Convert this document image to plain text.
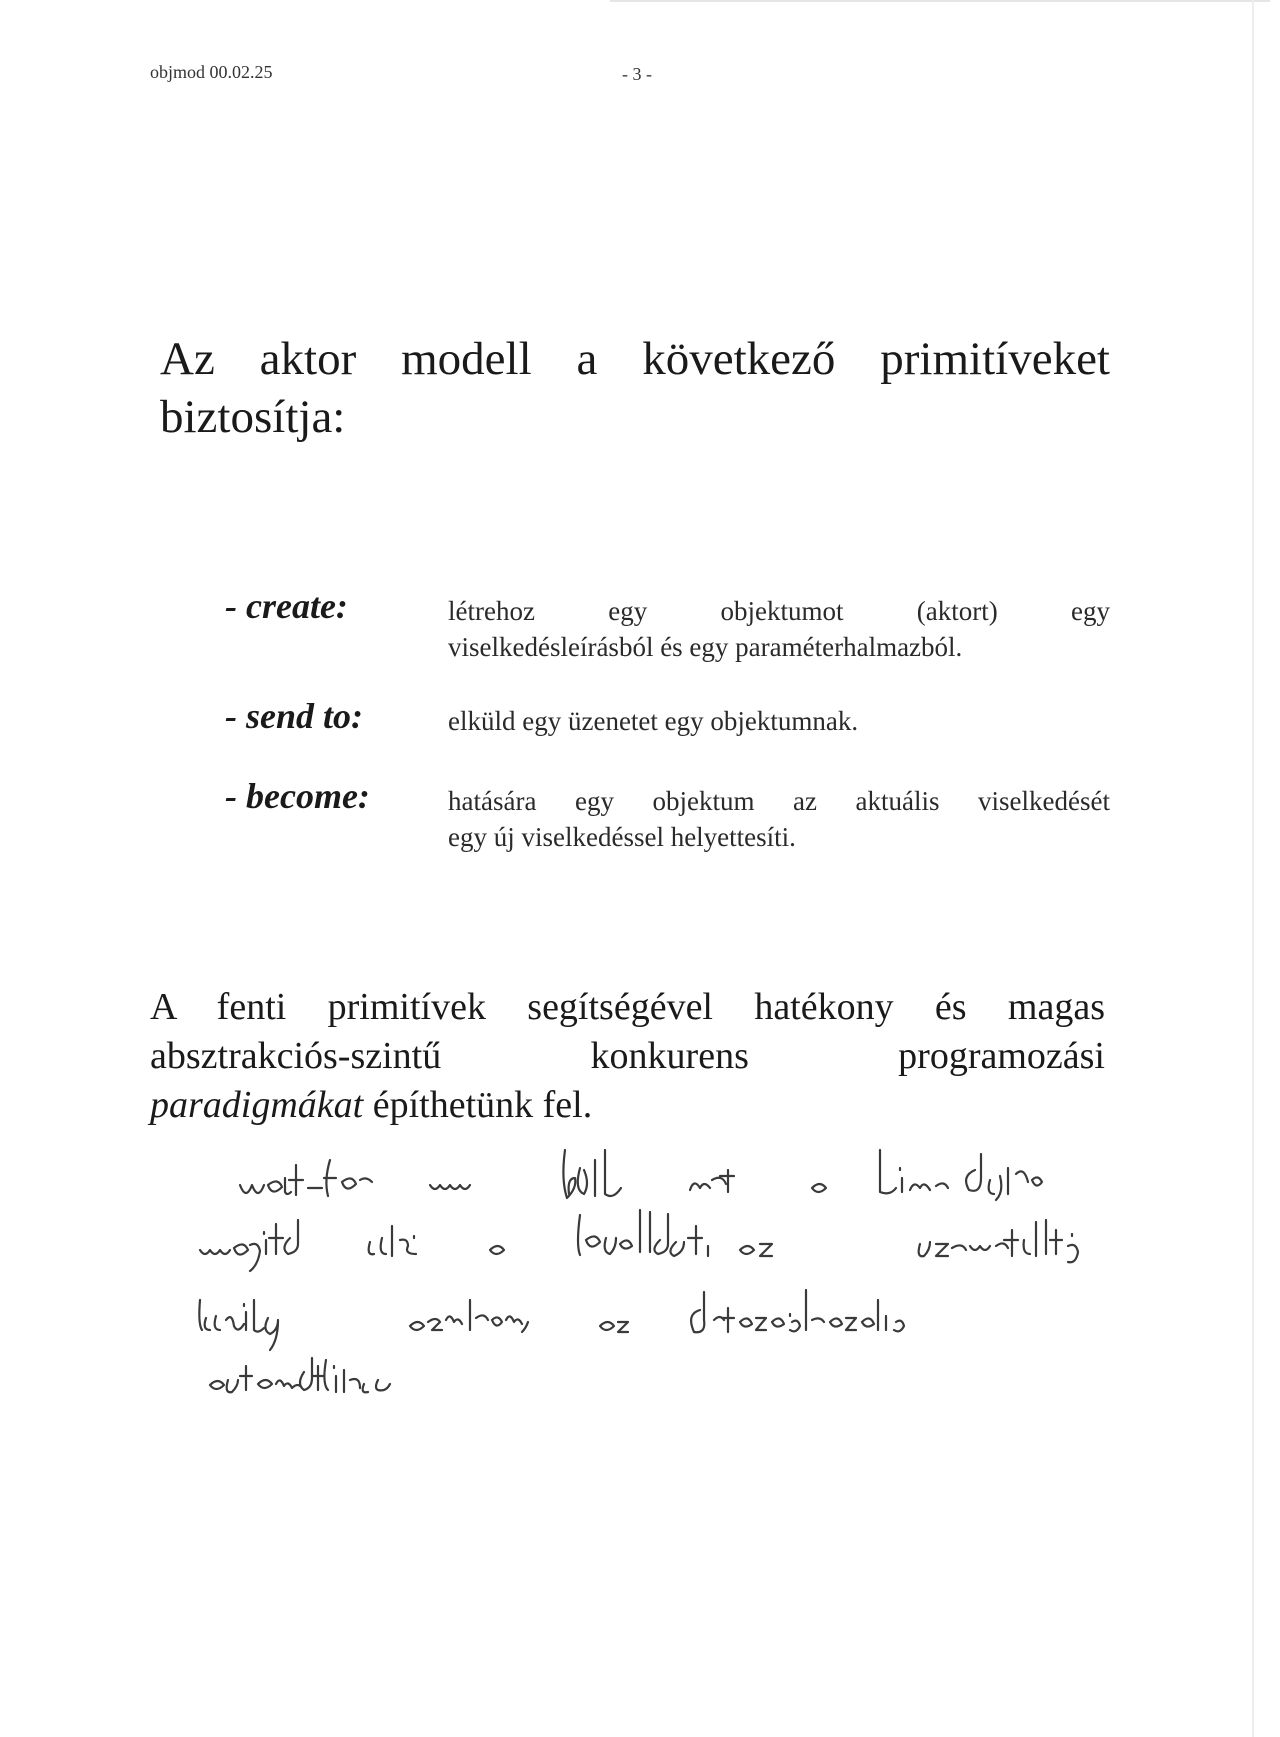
objmod 00.02.25	- 3 -
Az aktor modell a következő primitíveket
biztosítja:
- create:	létrehoz egy objektumot (aktort) egy
viselkedésleírásból és egy paraméterhalmazból.
- send to:	elküld egy üzenetet egy objektumnak.
- become:	hatására egy objektum az aktuális viselkedését
egy új viselkedéssel helyettesíti.
A fenti primitívek segítségével hatékony és magas
absztrakciós-szintű konkurens programozási
paradigmákat építhetünk fel.
